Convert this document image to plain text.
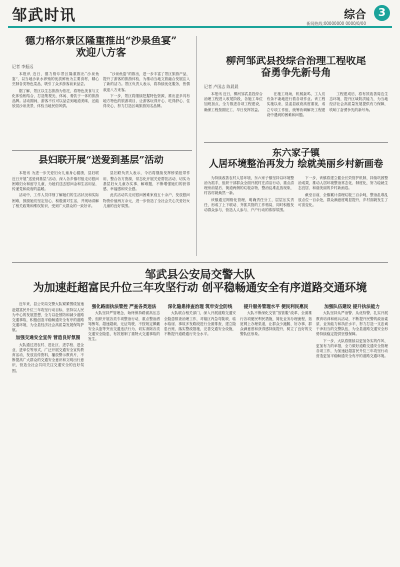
邹武时讯	综合	3
新闻热线:00000000 0000/0/00
德力格尔景区隆重推出“沙泉鱼宴”
欢迎八方客
记者 李振远

本报讯 近日，德力格尔景区隆重推出“沙泉鱼宴”，以当地沙泉水养殖的优质鲜鱼为主要食材，精心烹制各类特色菜品，吸引了众多游客前来品尝。

据了解，景区以生态旅游为依托，将特色美食与文化体验相结合，打造集观光、休闲、餐饮于一体的旅游品牌。活动期间，游客不仅可以品尝到地道美味，还能欣赏沙泉美景，体验当地民俗风情。

“沙泉鱼宴”的推出，进一步丰富了景区旅游产品，提升了游客的旅游体验，为推动当地文旅融合发展注入了新的活力。景区负责人表示，将持续优化服务，热情欢迎八方来客。

下一步，景区将继续挖掘特色资源，推出更多具有地方特色的旅游项目，让游客玩得开心、吃得舒心、住得安心，努力打造区域旅游知名品牌。

柳河邹武县投综合治理工程收尾
奋勇争先新号角
记者 卢国志 陈晨晨

本报讯 近日，柳河邹武县投综合治理工程进入收尾阶段，各施工单位加班加点，全力推进各项工程建设，确保工程按期完工、早日发挥效益。

在施工现场，机械轰鸣，工人们有条不紊地进行着各项作业。该工程实施以来，县委县政府高度重视，成立专项工作组，统筹协调解决工程建设中遇到的困难和问题。

工程建成后，将有效改善周边生态环境，提升区域防洪能力，为当地经济社会高质量发展提供有力保障，吹响了奋勇争先的新号角。

县妇联开展“送爱到基层”活动

本报讯 为进一步关爱妇女儿童身心健康，县妇联近日开展“送爱到基层”活动，深入各乡镇村组走访慰问困难妇女和留守儿童，为她们送去慰问金和生活用品，传递党和政府的温暖。

活动中，工作人员详细了解她们的生活状况和实际困难，鼓励她们坚定信心、积极面对生活，并现场讲解了相关政策和维权知识，受到广大群众的一致好评。

县妇联负责人表示，今后将继续发挥桥梁纽带作用，整合各方资源，常态化开展关爱帮扶活动，切实为基层妇女儿童办实事、解难题，不断增强她们的获得感、幸福感和安全感。

此次活动共走访慰问困难家庭五十余户，发放慰问物资价值两万余元，进一步营造了全社会关心关爱妇女儿童的良好氛围。

东六家子镇
人居环境整治再发力 绘就美丽乡村新画卷

为持续改善农村人居环境，东六家子镇坚持以环境整治为抓手，组织干部群众全面开展村庄清洁行动，重点清理房前屋后、街道两侧的垃圾杂物，整治乱堆乱放现象，村容村貌焕然一新。

该镇通过网格化管理，明确责任分工，层层压实责任，形成了上下联动、齐抓共管的工作格局，同时积极发动群众参与，营造人人参与、户户行动的浓厚氛围。

下一步，该镇将建立健全长效管护机制，持续巩固整治成果，推动人居环境整治常态化、制度化，努力绘就生态宜居、和谐美丽的乡村新画卷。

截至目前，全镇累计清理垃圾三百余吨，整治乱堆乱放点位一百余处，群众满意度明显提升，乡村面貌发生了可喜变化。

邹武县公安局交警大队
为加速赶超富民升位三年攻坚行动 创平稳畅通安全有序道路交通环境

近年来，县公安局交警大队紧紧围绕加速赶超富民升位三年攻坚行动目标，坚持以人民为中心的发展思想，全力以赴预防和减少道路交通事故，积极创造平稳畅通安全有序的道路交通环境，为全县经济社会高质量发展保驾护航。

加强交通安全宣传 营造良好氛围

大队通过进农村、进社区、进学校、进企业、进单位等形式，广泛开展交通安全宣传教育活动，发放宣传资料，播放警示教育片，不断提高广大群众的交通安全意识和文明出行意识，营造全社会共同关注交通安全的良好氛围。

强化路面执法管控 严查各类违法

大队坚持严管理念，始终保持路面高压态势，组织开展各类专项整治行动，重点整治酒驾醉驾、超速超载、无证驾驶、不按规定佩戴安全头盔等突出交通违法行为，切实消除各类交通安全隐患，有效遏制了重特大交通事故的发生。

深化隐患排查治理 筑牢安全防线

大队联合相关部门，深入开展道路交通安全隐患排查治理工作，对辖区内急弯陡坡、临水临崖、事故多发路段进行全面排查，建立隐患台账，落实整改措施，完善交通安全设施，不断提升道路通行安全水平。

提升服务管理水平 便民利民惠民

大队不断深化交管“放管服”改革，全面推行各项便民利民措施，简化业务办理流程，拓宽网上办理渠道，让群众少跑腿、好办事，群众满意度和获得感持续提升，树立了良好的交警队伍形象。

加强队伍建设 提升执法能力

大队坚持从严治警、从优待警，扎实开展教育培训和练兵活动，不断提升民警的政治素质、业务能力和执法水平，努力打造一支忠诚干净担当的交警队伍，为全县道路交通安全形势持续稳定提供坚强保障。

下一步，大队将继续以更加务实的作风、更加有力的举措，全力做好道路交通安全管理各项工作，为加速赶超富民升位三年攻坚行动营造更加平稳畅通安全有序的道路交通环境。
